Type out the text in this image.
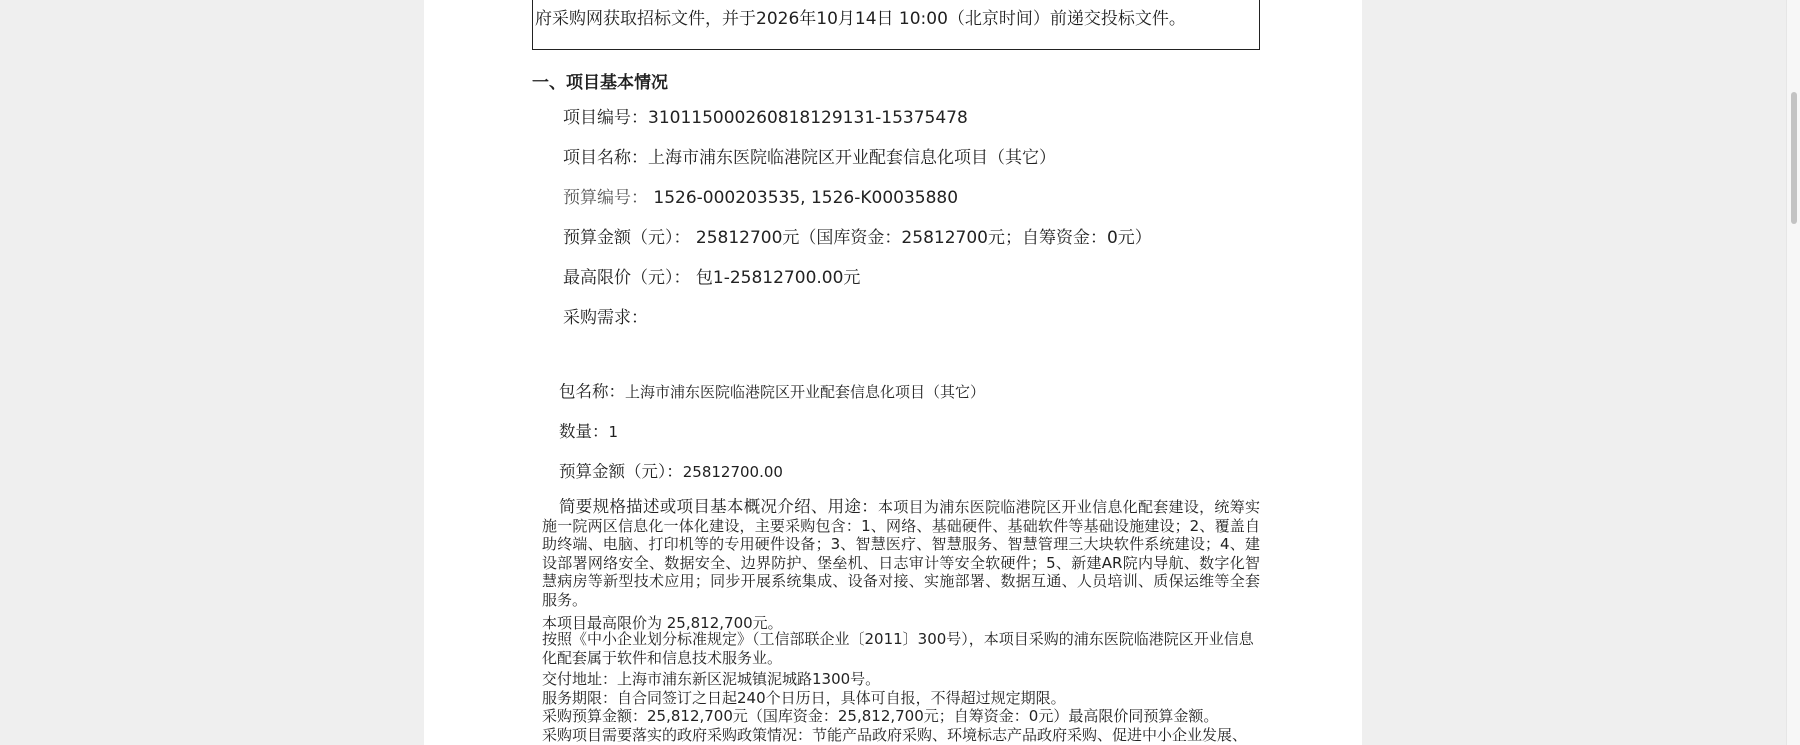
府采购网获取招标文件，并于2026年10月14日 10:00（北京时间）前递交投标文件。
一、项目基本情况
项目编号：310115000260818129131-15375478
项目名称：上海市浦东医院临港院区开业配套信息化项目（其它）
预算编号： 1526-000203535, 1526-K00035880
预算金额（元）： 25812700元（国库资金：25812700元；自筹资金：0元）
最高限价（元）： 包1-25812700.00元
采购需求：
包名称：上海市浦东医院临港院区开业配套信息化项目（其它）
数量：1
预算金额（元）：25812700.00
简要规格描述或项目基本概况介绍、用途：本项目为浦东医院临港院区开业信息化配套建设，统筹实施一院两区信息化一体化建设，主要采购包含：1、网络、基础硬件、基础软件等基础设施建设；2、覆盖自助终端、电脑、打印机等的专用硬件设备；3、智慧医疗、智慧服务、智慧管理三大块软件系统建设；4、建设部署网络安全、数据安全、边界防护、堡垒机、日志审计等安全软硬件；5、新建AR院内导航、数字化智慧病房等新型技术应用；同步开展系统集成、设备对接、实施部署、数据互通、人员培训、质保运维等全套服务。
本项目最高限价为 25,812,700元。
按照《中小企业划分标准规定》（工信部联企业〔2011〕300号），本项目采购的浦东医院临港院区开业信息化配套属于软件和信息技术服务业。
交付地址：上海市浦东新区泥城镇泥城路1300号。
服务期限：自合同签订之日起240个日历日，具体可自报，不得超过规定期限。
采购预算金额：25,812,700元（国库资金：25,812,700元；自筹资金：0元）最高限价同预算金额。
采购项目需要落实的政府采购政策情况：节能产品政府采购、环境标志产品政府采购、促进中小企业发展、
